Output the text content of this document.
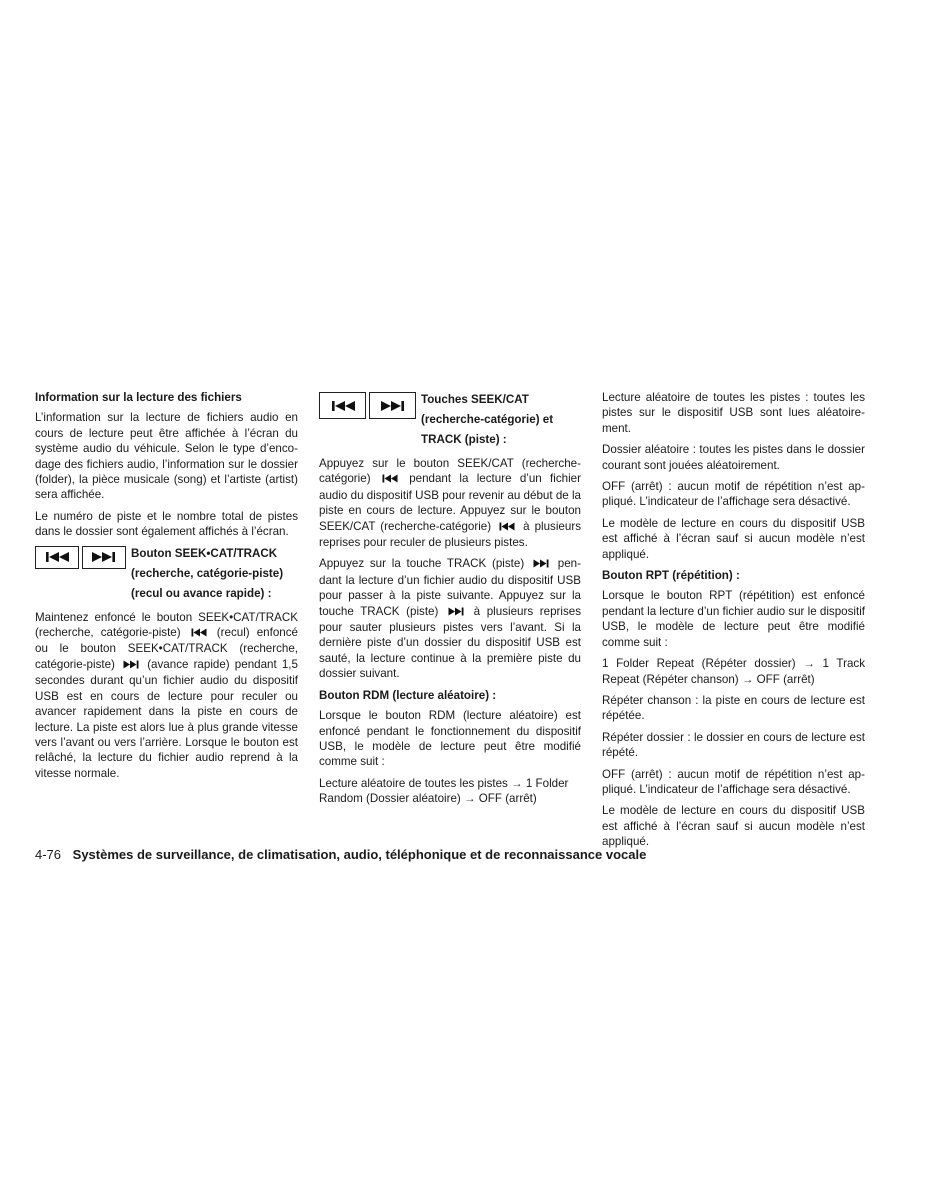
Information sur la lecture des fichiers

L’information sur la lecture de fichiers audio en cours de lecture peut être affichée à l’écran du système audio du véhicule. Selon le type d’encodage des fichiers audio, l’information sur le dossier (folder), la pièce musicale (song) et l’artiste (artist) sera affichée.

Le numéro de piste et le nombre total de pistes dans le dossier sont également affichés à l’écran.

Bouton SEEK•CAT/TRACK (recherche, catégorie-piste) (recul ou avance rapide) :

Maintenez enfoncé le bouton SEEK•CAT/TRACK (recherche, catégorie-piste)	(recul) enfoncé ou le bouton SEEK•CAT/TRACK (recherche, catégorie-piste)	(avance rapide) pendant 1,5 secondes durant qu’un fichier audio du dispositif USB est en cours de lecture pour reculer ou avancer rapidement dans la piste en cours de lecture. La piste est alors lue à plus grande vitesse vers l’avant ou vers l’arrière. Lorsque le bouton est relâché, la lecture du fichier audio reprend à la vitesse normale.

Touches SEEK/CAT (recherche-catégorie) et TRACK (piste) :

Appuyez sur le bouton SEEK/CAT (recherche-catégorie)	pendant la lecture d’un fichier audio du dispositif USB pour revenir au début de la piste en cours de lecture. Appuyez sur le bouton SEEK/CAT (recherche-catégorie)	à plusieurs reprises pour reculer de plusieurs pistes.

Appuyez sur la touche TRACK (piste)	pendant la lecture d’un fichier audio du dispositif USB pour passer à la piste suivante. Appuyez sur la touche TRACK (piste)	à plusieurs reprises pour sauter plusieurs pistes vers l’avant. Si la dernière piste d’un dossier du dispositif USB est sauté, la lecture continue à la première piste du dossier suivant.

Bouton RDM (lecture aléatoire) :

Lorsque le bouton RDM (lecture aléatoire) est enfoncé pendant le fonctionnement du dispositif USB, le modèle de lecture peut être modifié comme suit :

Lecture aléatoire de toutes les pistes → 1 Folder Random (Dossier aléatoire) → OFF (arrêt)

Lecture aléatoire de toutes les pistes : toutes les pistes sur le dispositif USB sont lues aléatoirement.

Dossier aléatoire : toutes les pistes dans le dossier courant sont jouées aléatoirement.

OFF (arrêt) : aucun motif de répétition n’est appliqué. L’indicateur de l’affichage sera désactivé.

Le modèle de lecture en cours du dispositif USB est affiché à l’écran sauf si aucun modèle n’est appliqué.

Bouton RPT (répétition) :

Lorsque le bouton RPT (répétition) est enfoncé pendant la lecture d’un fichier audio sur le dispositif USB, le modèle de lecture peut être modifié comme suit :

1 Folder Repeat (Répéter dossier) → 1 Track Repeat (Répéter chanson) → OFF (arrêt)

Répéter chanson : la piste en cours de lecture est répétée.

Répéter dossier : le dossier en cours de lecture est répété.

OFF (arrêt) : aucun motif de répétition n’est appliqué. L’indicateur de l’affichage sera désactivé.

Le modèle de lecture en cours du dispositif USB est affiché à l’écran sauf si aucun modèle n’est appliqué.

4-76 Systèmes de surveillance, de climatisation, audio, téléphonique et de reconnaissance vocale
